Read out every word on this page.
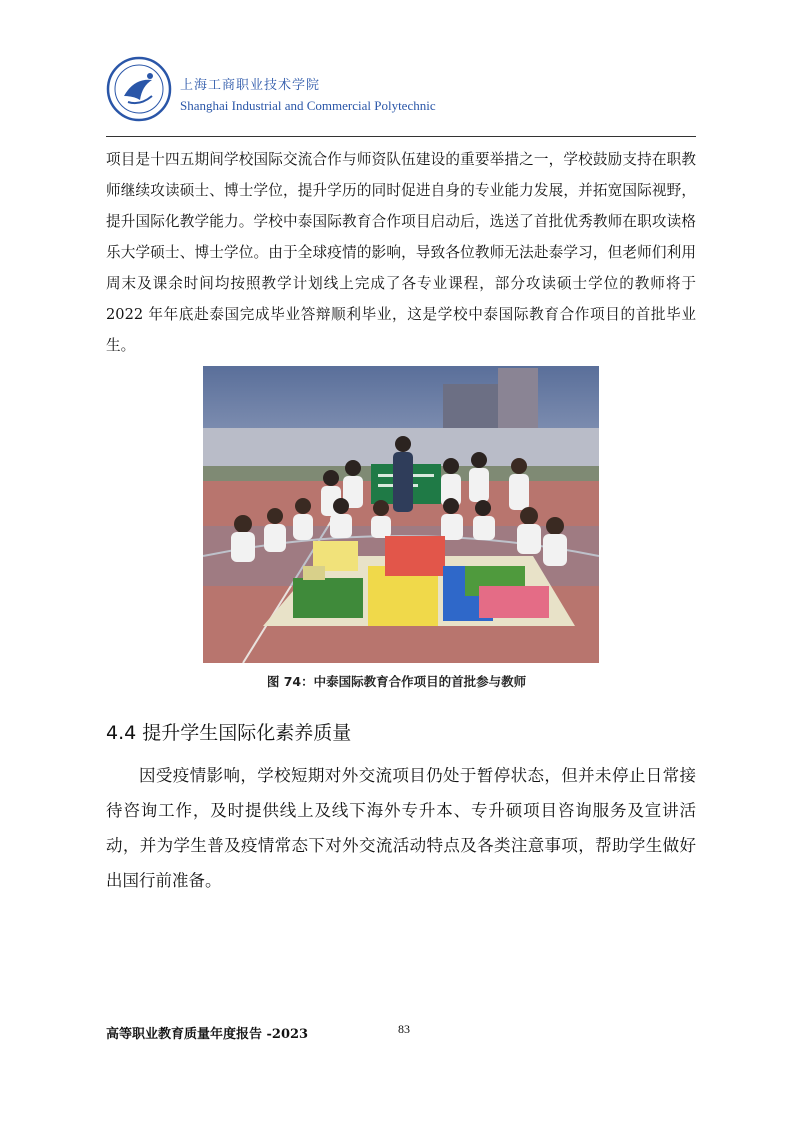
上海工商职业技术学院
Shanghai Industrial and Commercial Polytechnic

项目是十四五期间学校国际交流合作与师资队伍建设的重要举措之一，学校鼓励支持在职教师继续攻读硕士、博士学位，提升学历的同时促进自身的专业能力发展，并拓宽国际视野，提升国际化教学能力。学校中泰国际教育合作项目启动后，选送了首批优秀教师在职攻读格乐大学硕士、博士学位。由于全球疫情的影响，导致各位教师无法赴泰学习，但老师们利用周末及课余时间均按照教学计划线上完成了各专业课程，部分攻读硕士学位的教师将于 2022 年年底赴泰国完成毕业答辩顺利毕业，这是学校中泰国际教育合作项目的首批毕业生。

图 74：中泰国际教育合作项目的首批参与教师
4.4 提升学生国际化素养质量

因受疫情影响，学校短期对外交流项目仍处于暂停状态，但并未停止日常接待咨询工作，及时提供线上及线下海外专升本、专升硕项目咨询服务及宣讲活动，并为学生普及疫情常态下对外交流活动特点及各类注意事项，帮助学生做好出国行前准备。

高等职业教育质量年度报告 -2023	83
